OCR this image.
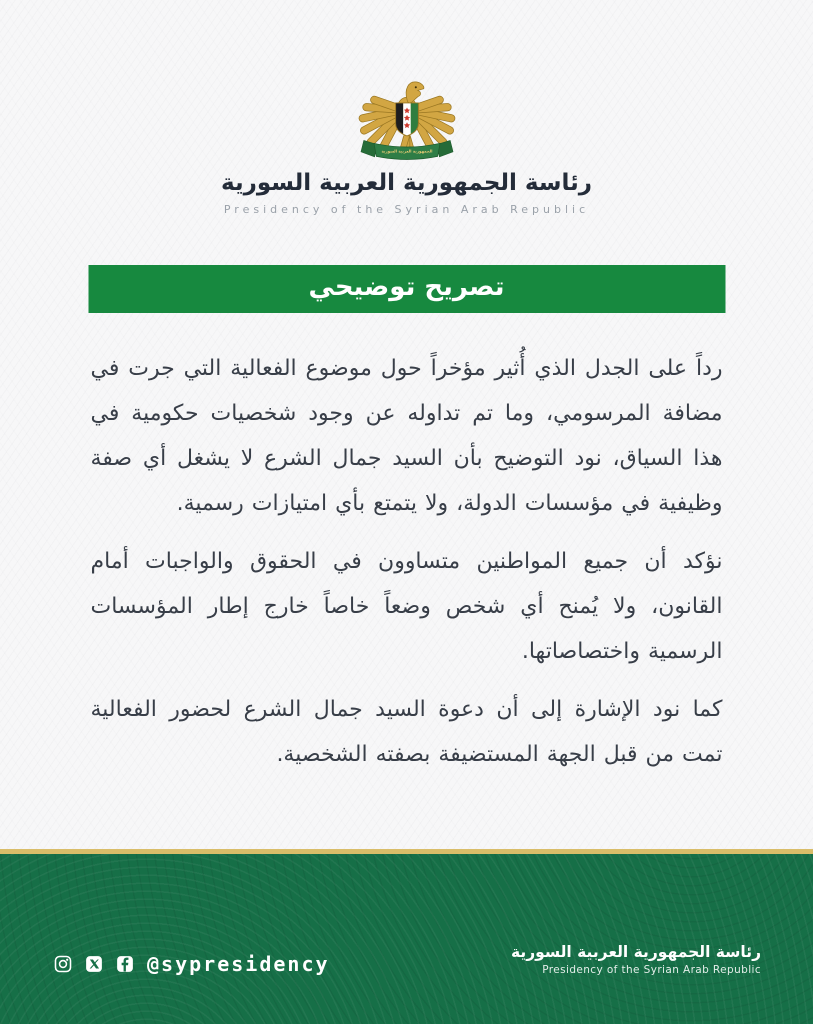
الجمهورية العربية السورية
رئاسة الجمهورية العربية السورية
Presidency of the Syrian Arab Republic
تصريح توضيحي

رداً على الجدل الذي أُثير مؤخراً حول موضوع الفعالية التي جرت في مضافة المرسومي، وما تم تداوله عن وجود شخصيات حكومية في هذا السياق، نود التوضيح بأن السيد جمال الشرع لا يشغل أي صفة وظيفية في مؤسسات الدولة، ولا يتمتع بأي امتيازات رسمية.

نؤكد أن جميع المواطنين متساوون في الحقوق والواجبات أمام القانون، ولا يُمنح أي شخص وضعاً خاصاً خارج إطار المؤسسات الرسمية واختصاصاتها.

كما نود الإشارة إلى أن دعوة السيد جمال الشرع لحضور الفعالية تمت من قبل الجهة المستضيفة بصفته الشخصية.

@sypresidency	رئاسة الجمهورية العربية السورية
Presidency of the Syrian Arab Republic
